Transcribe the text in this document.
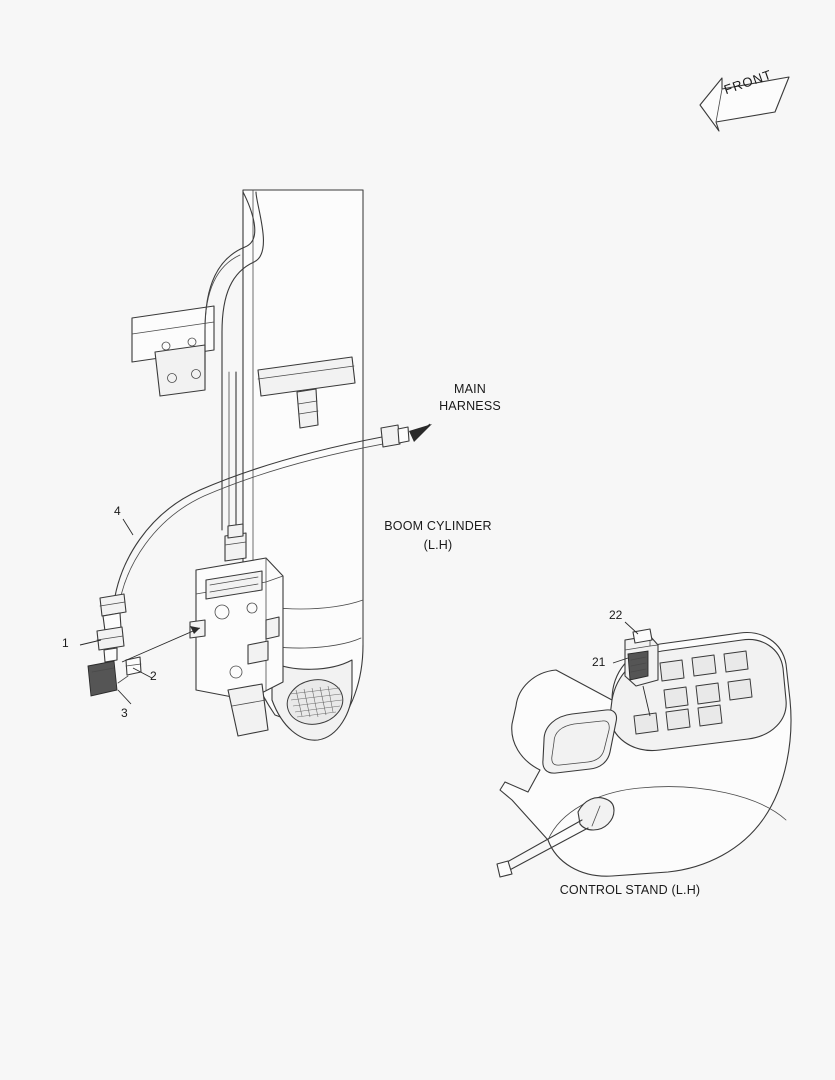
FRONT
MAIN
HARNESS
BOOM CYLINDER
(L.H)
CONTROL STAND (L.H)
1
2
3
4
21
22
